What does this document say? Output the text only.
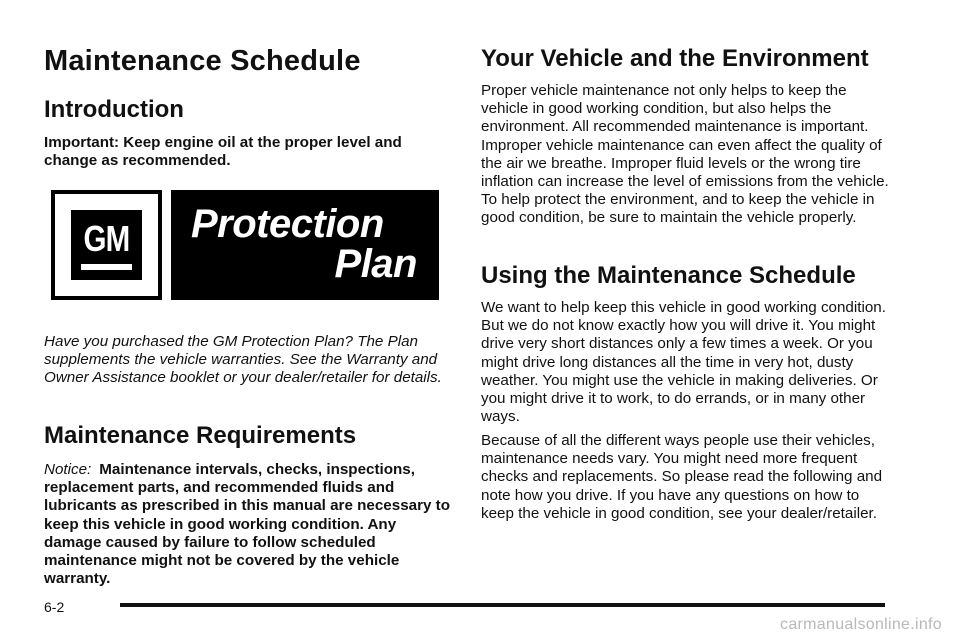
Maintenance Schedule
Introduction

Important: Keep engine oil at the proper level and change as recommended.

GM Protection
Plan

Have you purchased the GM Protection Plan? The Plan supplements the vehicle warranties. See the Warranty and Owner Assistance booklet or your dealer/retailer for details.

Maintenance Requirements

Notice: Maintenance intervals, checks, inspections, replacement parts, and recommended fluids and lubricants as prescribed in this manual are necessary to keep this vehicle in good working condition. Any damage caused by failure to follow scheduled maintenance might not be covered by the vehicle warranty.

Your Vehicle and the Environment

Proper vehicle maintenance not only helps to keep the vehicle in good working condition, but also helps the environment. All recommended maintenance is important. Improper vehicle maintenance can even affect the quality of the air we breathe. Improper fluid levels or the wrong tire inflation can increase the level of emissions from the vehicle. To help protect the environment, and to keep the vehicle in good condition, be sure to maintain the vehicle properly.

Using the Maintenance Schedule

We want to help keep this vehicle in good working condition. But we do not know exactly how you will drive it. You might drive very short distances only a few times a week. Or you might drive long distances all the time in very hot, dusty weather. You might use the vehicle in making deliveries. Or you might drive it to work, to do errands, or in many other ways.

Because of all the different ways people use their vehicles, maintenance needs vary. You might need more frequent checks and replacements. So please read the following and note how you drive. If you have any questions on how to keep the vehicle in good condition, see your dealer/retailer.

6-2
carmanualsonline.info
